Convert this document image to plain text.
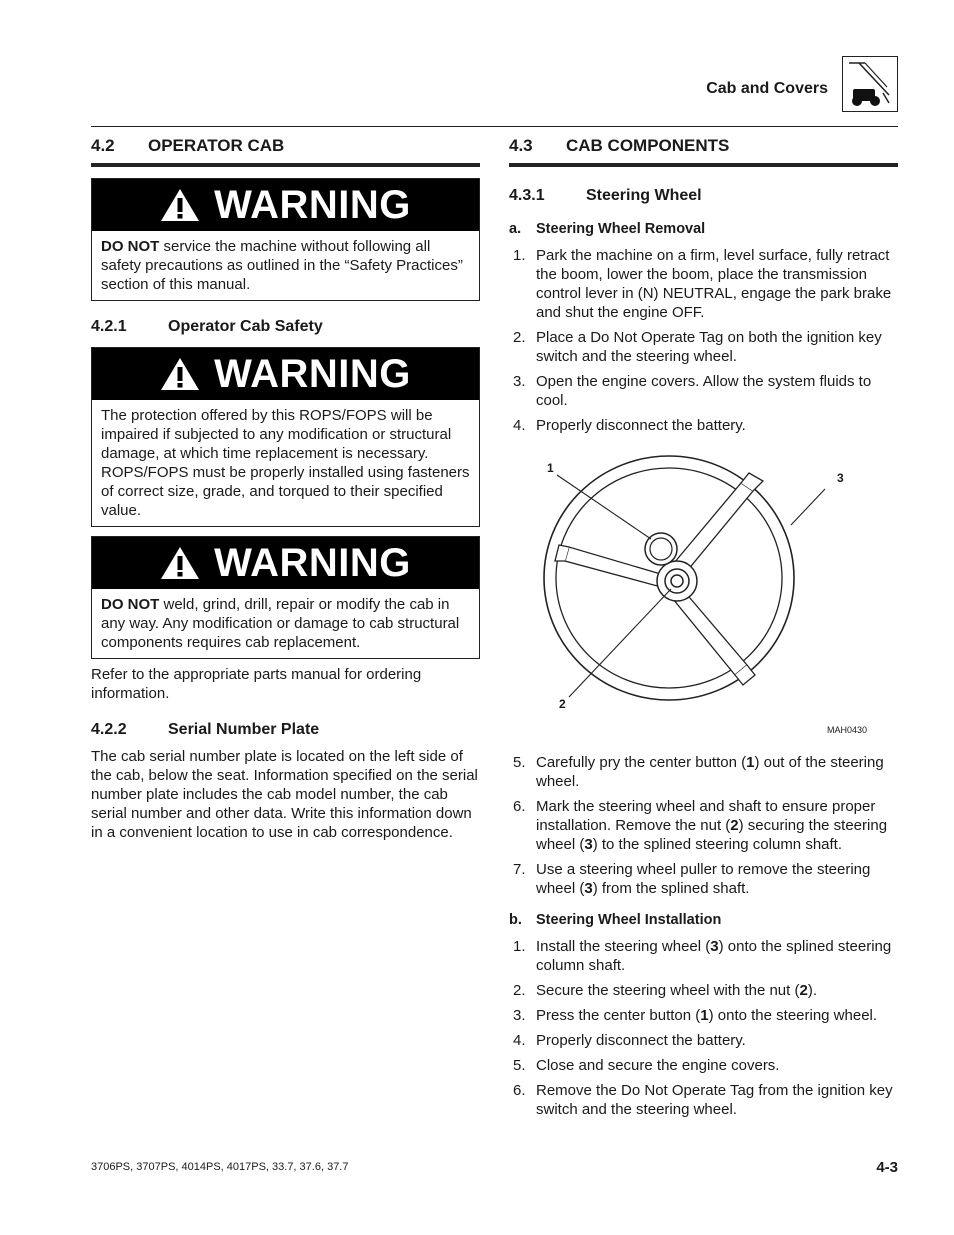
Cab and Covers
4.2	OPERATOR CAB
WARNING
DO NOT service the machine without following all safety precautions as outlined in the “Safety Practices” section of this manual.
4.2.1	Operator Cab Safety
WARNING
The protection offered by this ROPS/FOPS will be impaired if subjected to any modification or structural damage, at which time replacement is necessary. ROPS/FOPS must be properly installed using fasteners of correct size, grade, and torqued to their specified value.
WARNING
DO NOT weld, grind, drill, repair or modify the cab in any way. Any modification or damage to cab structural components requires cab replacement.

Refer to the appropriate parts manual for ordering information.

4.2.2	Serial Number Plate

The cab serial number plate is located on the left side of the cab, below the seat. Information specified on the serial number plate includes the cab model number, the cab serial number and other data. Write this information down in a convenient location to use in cab correspondence.

4.3	CAB COMPONENTS
4.3.1	Steering Wheel
a.	Steering Wheel Removal
1. Park the machine on a firm, level surface, fully retract the boom, lower the boom, place the transmission control lever in (N) NEUTRAL, engage the park brake and shut the engine OFF.
2. Place a Do Not Operate Tag on both the ignition key switch and the steering wheel.
3. Open the engine covers. Allow the system fluids to cool.
4. Properly disconnect the battery.
1
3
2
MAH0430
5. Carefully pry the center button (1) out of the steering wheel.
6. Mark the steering wheel and shaft to ensure proper installation. Remove the nut (2) securing the steering wheel (3) to the splined steering column shaft.
7. Use a steering wheel puller to remove the steering wheel (3) from the splined shaft.
b. Steering Wheel Installation
1. Install the steering wheel (3) onto the splined steering column shaft.
2. Secure the steering wheel with the nut (2).
3. Press the center button (1) onto the steering wheel.
4. Properly disconnect the battery.
5. Close and secure the engine covers.
6. Remove the Do Not Operate Tag from the ignition key switch and the steering wheel.
3706PS, 3707PS, 4014PS, 4017PS, 33.7, 37.6, 37.7	4-3
